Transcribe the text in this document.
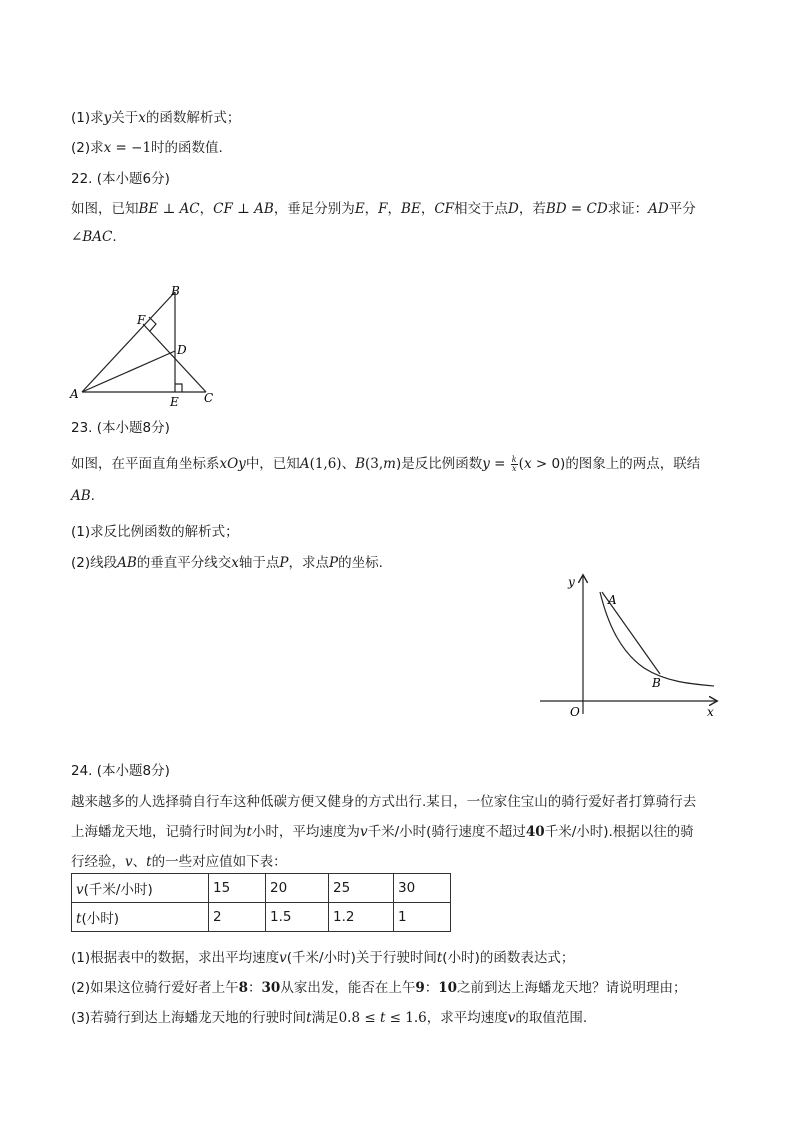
(1)求y关于x的函数解析式；
(2)求x = −1时的函数值.
22. (本小题6分)
如图，已知BE ⊥ AC，CF ⊥ AB，垂足分别为E，F，BE，CF相交于点D，若BD = CD求证：AD平分
∠BAC.
B
F
D
A
E C
23. (本小题8分)
如图，在平面直角坐标系xOy中，已知A(1,6)、B(3,m)是反比例函数$y = \frac{k}{x} (x > 0)$的图象上的两点，联结
AB.
(1)求反比例函数的解析式；
(2)线段AB的垂直平分线交x轴于点P，求点P的坐标.
y
A
B
O	x
24. (本小题8分)
越来越多的人选择骑自行车这种低碳方便又健身的方式出行.某日，一位家住宝山的骑行爱好者打算骑行去
上海蟠龙天地，记骑行时间为t小时，平均速度为v千米/小时(骑行速度不超过40千米/小时).根据以往的骑
行经验，v、t的一些对应值如下表：
v(千米/小时)	15	20	25	30
t(小时)	2	1.5	1.2	1
(1)根据表中的数据，求出平均速度v(千米/小时)关于行驶时间t(小时)的函数表达式；
(2)如果这位骑行爱好者上午8：30从家出发，能否在上午9：10之前到达上海蟠龙天地？请说明理由；
(3)若骑行到达上海蟠龙天地的行驶时间t满足0.8 ≤ t ≤ 1.6，求平均速度v的取值范围.
